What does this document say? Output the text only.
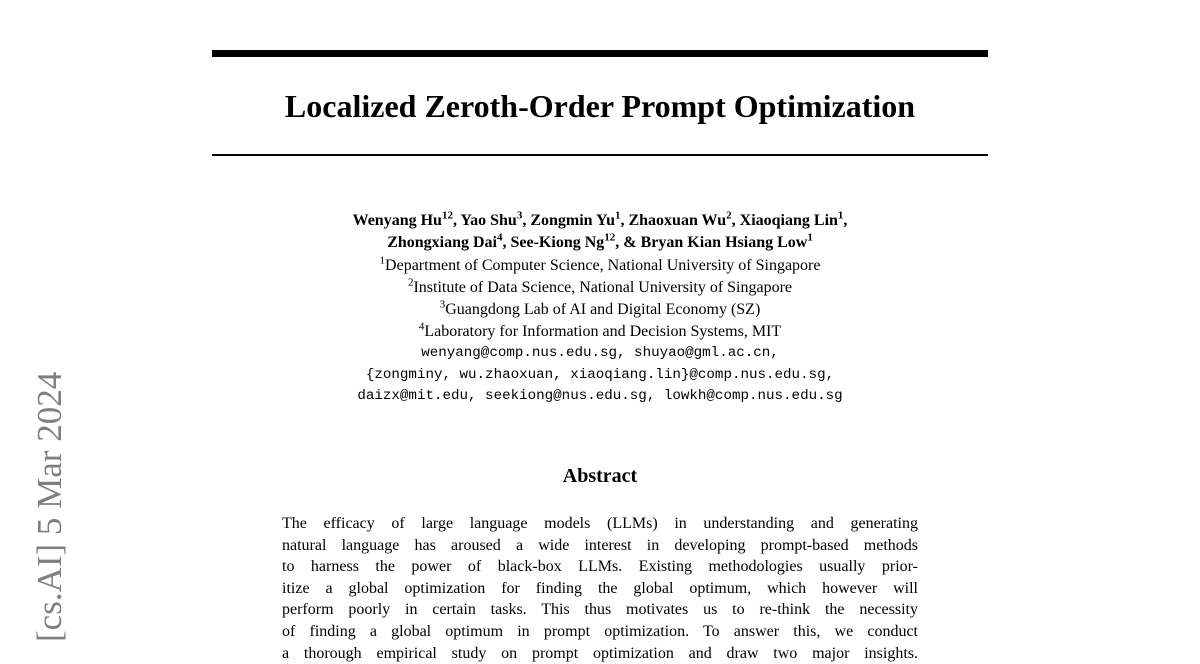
[cs.AI] 5 Mar 2024
Localized Zeroth-Order Prompt Optimization
Wenyang Hu$^{12}$, Yao Shu$^3$, Zongmin Yu$^1$, Zhaoxuan Wu$^2$, Xiaoqiang Lin$^1$,
Zhongxiang Dai$^4$, See-Kiong Ng$^{12}$, & Bryan Kian Hsiang Low$^1$
$^1$Department of Computer Science, National University of Singapore
$^2$Institute of Data Science, National University of Singapore
$^3$Guangdong Lab of AI and Digital Economy (SZ)
$^4$Laboratory for Information and Decision Systems, MIT
wenyang@comp.nus.edu.sg, shuyao@gml.ac.cn,
{zongminy, wu.zhaoxuan, xiaoqiang.lin}@comp.nus.edu.sg,
daizx@mit.edu, seekiong@nus.edu.sg, lowkh@comp.nus.edu.sg
Abstract
The efficacy of large language models (LLMs) in understanding and generating
natural language has aroused a wide interest in developing prompt-based methods
to harness the power of black-box LLMs. Existing methodologies usually prior-
itize a global optimization for finding the global optimum, which however will
perform poorly in certain tasks. This thus motivates us to re-think the necessity
of finding a global optimum in prompt optimization. To answer this, we conduct
a thorough empirical study on prompt optimization and draw two major insights.
